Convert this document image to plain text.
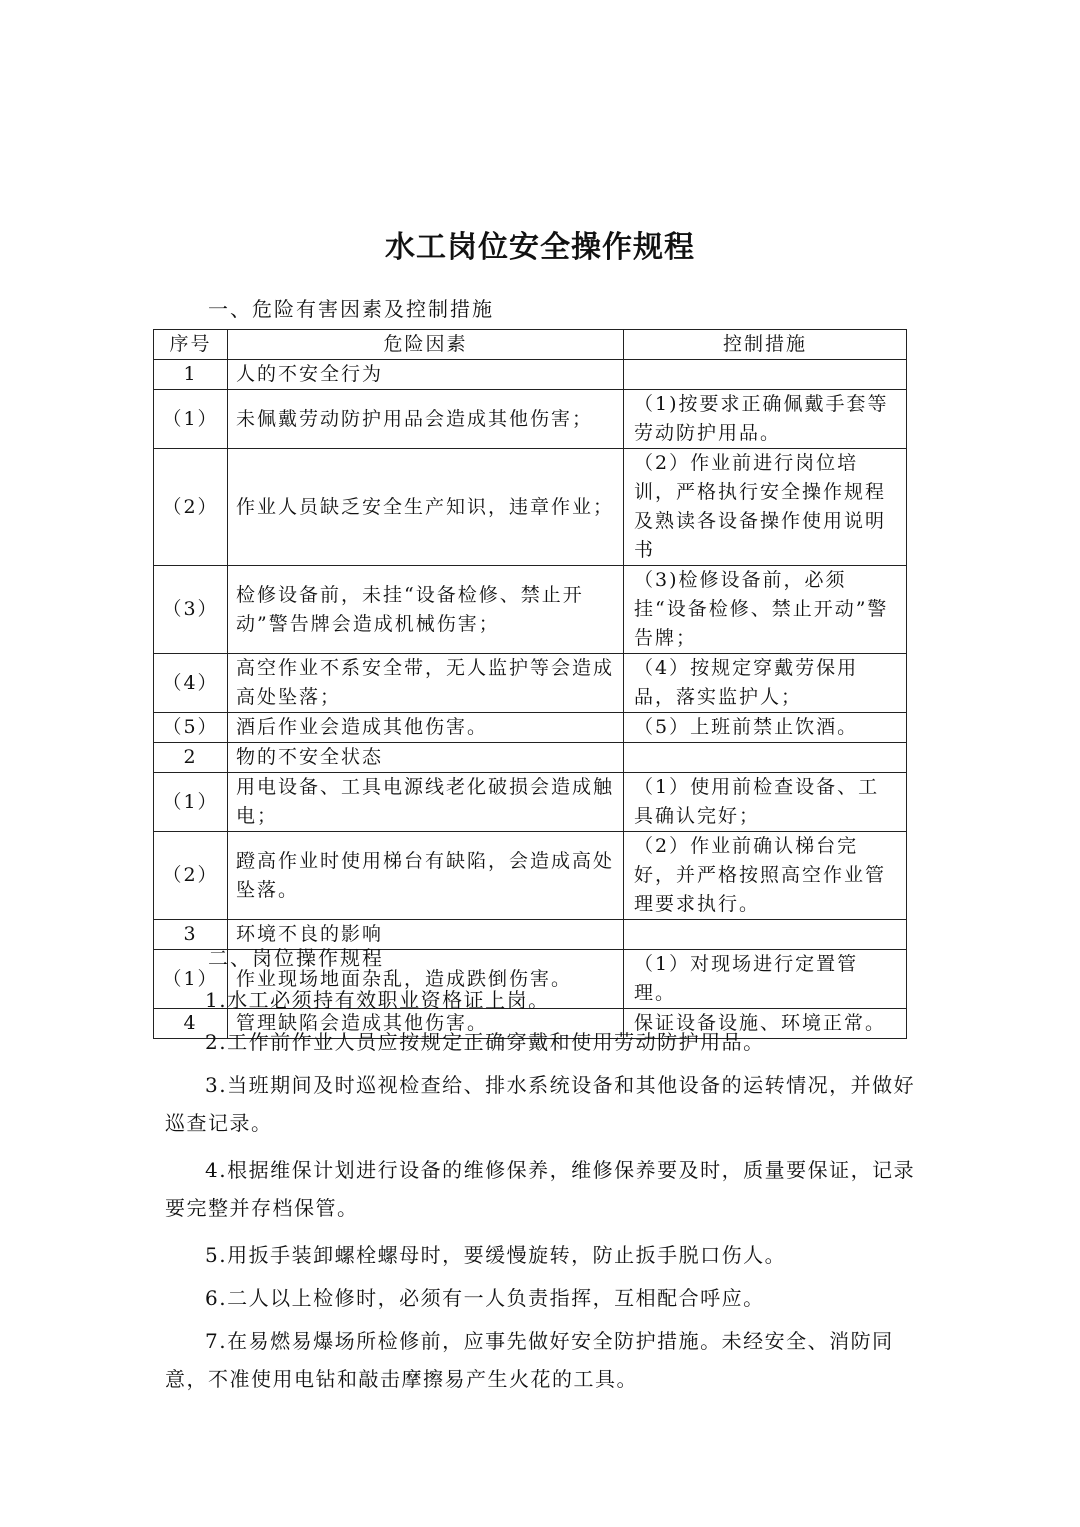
水工岗位安全操作规程
一、危险有害因素及控制措施
序号	危险因素	控制措施
1	人的不安全行为	
（1）	未佩戴劳动防护用品会造成其他伤害；	（1)按要求正确佩戴手套等劳动防护用品。
（2）	作业人员缺乏安全生产知识，违章作业；	（2）作业前进行岗位培训，严格执行安全操作规程及熟读各设备操作使用说明书
（3）	检修设备前，未挂“设备检修、禁止开动”警告牌会造成机械伤害；	（3)检修设备前，必须挂“设备检修、禁止开动”警告牌；
（4）	高空作业不系安全带，无人监护等会造成高处坠落；	（4）按规定穿戴劳保用品，落实监护人；
（5）	酒后作业会造成其他伤害。	（5）上班前禁止饮酒。
2	物的不安全状态	
（1）	用电设备、工具电源线老化破损会造成触电；	（1）使用前检查设备、工具确认完好；
（2）	蹬高作业时使用梯台有缺陷，会造成高处坠落。	（2）作业前确认梯台完好，并严格按照高空作业管理要求执行。
3	环境不良的影响	
（1）	作业现场地面杂乱，造成跌倒伤害。	（1）对现场进行定置管理。
4	管理缺陷会造成其他伤害。	保证设备设施、环境正常。
二、岗位操作规程
1.水工必须持有效职业资格证上岗。
2.工作前作业人员应按规定正确穿戴和使用劳动防护用品。
3.当班期间及时巡视检查给、排水系统设备和其他设备的运转情况，并做好巡查记录。
4.根据维保计划进行设备的维修保养，维修保养要及时，质量要保证，记录要完整并存档保管。
5.用扳手装卸螺栓螺母时，要缓慢旋转，防止扳手脱口伤人。
6.二人以上检修时，必须有一人负责指挥，互相配合呼应。
7.在易燃易爆场所检修前，应事先做好安全防护措施。未经安全、消防同意，不准使用电钻和敲击摩擦易产生火花的工具。
